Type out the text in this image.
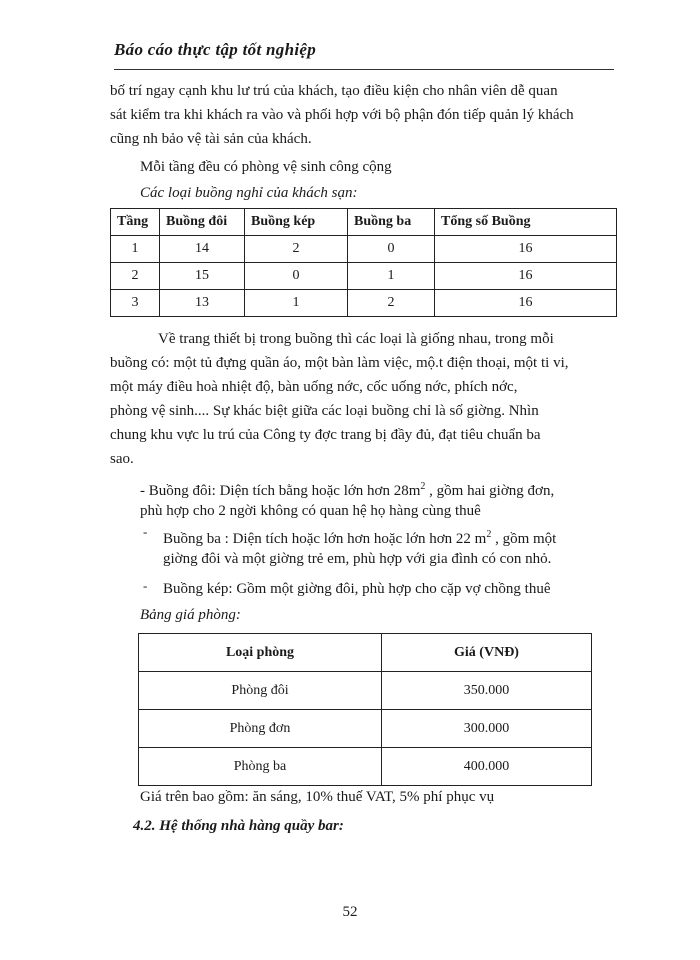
Báo cáo thực tập tốt nghiệp
bố trí ngay cạnh khu lư trú của khách, tạo điều kiện cho nhân viên dễ quan
sát kiểm tra khi khách ra vào và phối hợp với bộ phận đón tiếp quản lý khách
cũng nh bảo vệ tài sản của khách.
Mỗi tầng đều có phòng vệ sinh công cộng
Các loại buồng nghỉ của khách sạn:
Tầng	Buồng đôi	Buồng kép	Buồng ba	Tổng số Buồng
1	14	2	0	16
2	15	0	1	16
3	13	1	2	16
Về trang thiết bị trong buồng thì các loại là giống nhau, trong mỗi
buồng có: một tủ đựng quần áo, một bàn làm việc, mộ.t điện thoại, một ti vi,
một máy điều hoà nhiệt độ, bàn uống nớc, cốc uống nớc, phích nớc,
phòng vệ sinh.... Sự khác biệt giữa các loại buồng chỉ là số giờng. Nhìn
chung khu vực lu trú của Công ty đợc trang bị đầy đủ, đạt tiêu chuẩn ba
sao.
- Buồng đôi: Diện tích bằng hoặc lớn hơn $28m^2$ , gồm hai giờng đơn,
phù hợp cho 2 ngời không có quan hệ họ hàng cùng thuê
- Buồng ba : Diện tích hoặc lớn hơn hoặc lớn hơn 22 $m^2$ , gồm một
giờng đôi và một giờng trẻ em, phù hợp với gia đình có con nhỏ.
- Buồng kép: Gồm một giờng đôi, phù hợp cho cặp vợ chồng thuê
Bảng giá phòng:
Loại phòng	Giá (VNĐ)
Phòng đôi	350.000
Phòng đơn	300.000
Phòng ba	400.000
Giá trên bao gồm: ăn sáng, 10% thuế VAT, 5% phí phục vụ
4.2. Hệ thống nhà hàng quầy bar:
52
